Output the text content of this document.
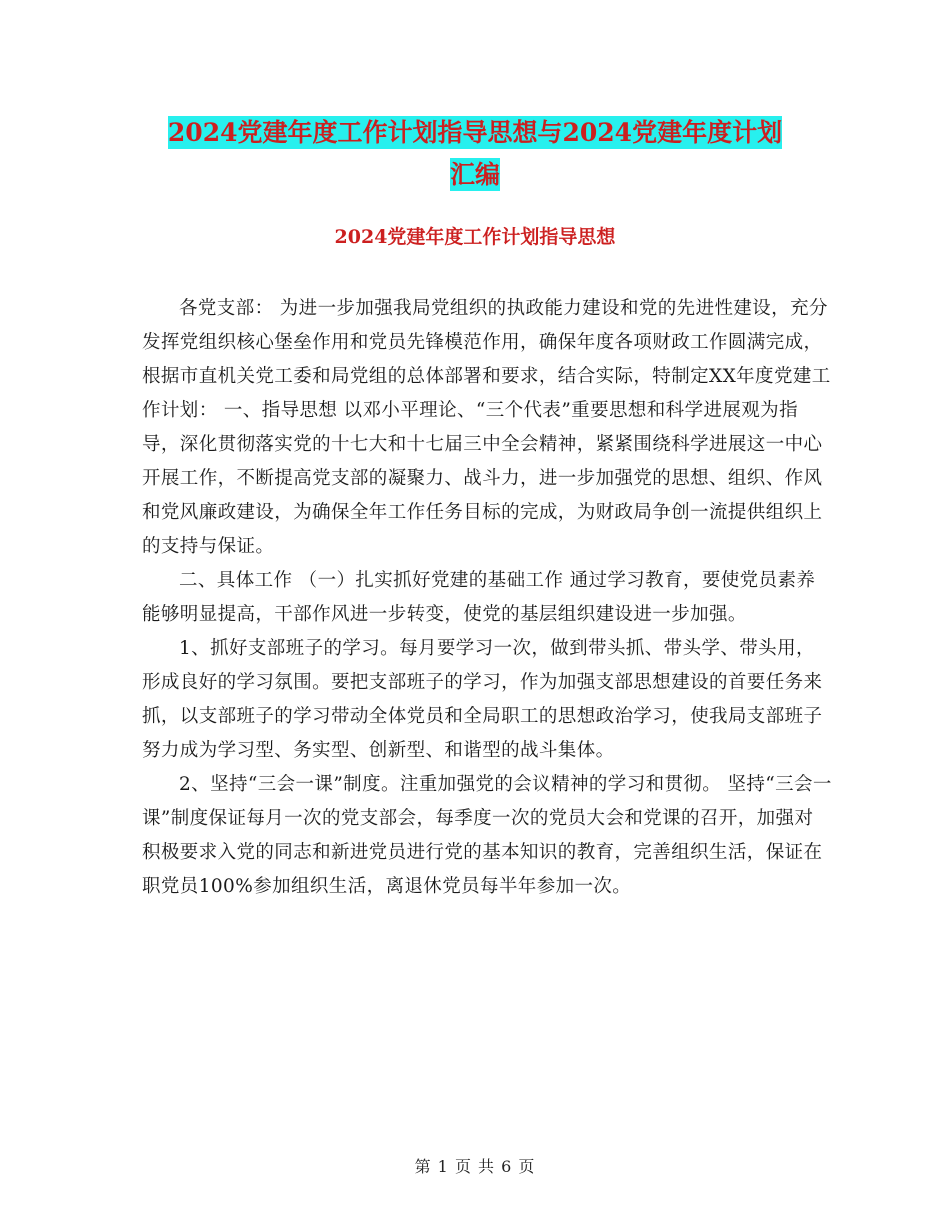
2024党建年度工作计划指导思想与2024党建年度计划
汇编
2024党建年度工作计划指导思想

各党支部： 为进一步加强我局党组织的执政能力建设和党的先进性建设，充分发挥党组织核心堡垒作用和党员先锋模范作用，确保年度各项财政工作圆满完成，根据市直机关党工委和局党组的总体部署和要求，结合实际，特制定XX年度党建工作计划： 一、指导思想 以邓小平理论、“三个代表”重要思想和科学进展观为指导，深化贯彻落实党的十七大和十七届三中全会精神，紧紧围绕科学进展这一中心开展工作，不断提高党支部的凝聚力、战斗力，进一步加强党的思想、组织、作风和党风廉政建设，为确保全年工作任务目标的完成，为财政局争创一流提供组织上的支持与保证。

二、具体工作 （一）扎实抓好党建的基础工作 通过学习教育，要使党员素养能够明显提高，干部作风进一步转变，使党的基层组织建设进一步加强。

1、抓好支部班子的学习。每月要学习一次，做到带头抓、带头学、带头用，形成良好的学习氛围。要把支部班子的学习，作为加强支部思想建设的首要任务来抓，以支部班子的学习带动全体党员和全局职工的思想政治学习，使我局支部班子努力成为学习型、务实型、创新型、和谐型的战斗集体。

2、坚持“三会一课”制度。注重加强党的会议精神的学习和贯彻。 坚持“三会一课”制度保证每月一次的党支部会，每季度一次的党员大会和党课的召开，加强对积极要求入党的同志和新进党员进行党的基本知识的教育，完善组织生活，保证在职党员100%参加组织生活，离退休党员每半年参加一次。

第 1 页 共 6 页
